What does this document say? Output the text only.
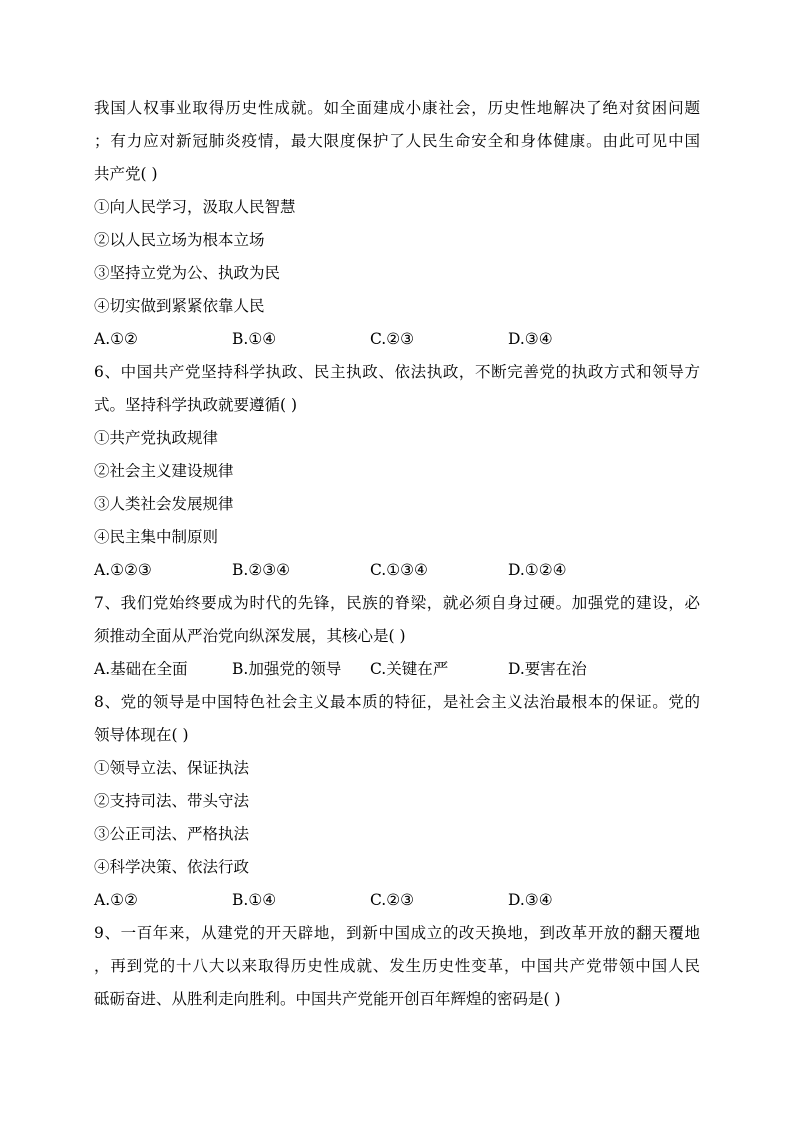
我国人权事业取得历史性成就。如全面建成小康社会，历史性地解决了绝对贫困问题
；有力应对新冠肺炎疫情，最大限度保护了人民生命安全和身体健康。由此可见中国
共产党( )
①向人民学习，汲取人民智慧
②以人民立场为根本立场
③坚持立党为公、执政为民
④切实做到紧紧依靠人民
A.①②	B.①④	C.②③	D.③④
6、中国共产党坚持科学执政、民主执政、依法执政，不断完善党的执政方式和领导方
式。坚持科学执政就要遵循( )
①共产党执政规律
②社会主义建设规律
③人类社会发展规律
④民主集中制原则
A.①②③	B.②③④	C.①③④	D.①②④
7、我们党始终要成为时代的先锋，民族的脊梁，就必须自身过硬。加强党的建设，必
须推动全面从严治党向纵深发展，其核心是( )
A.基础在全面	B.加强党的领导	C.关键在严	D.要害在治
8、党的领导是中国特色社会主义最本质的特征，是社会主义法治最根本的保证。党的
领导体现在( )
①领导立法、保证执法
②支持司法、带头守法
③公正司法、严格执法
④科学决策、依法行政
A.①②	B.①④	C.②③	D.③④
9、一百年来，从建党的开天辟地，到新中国成立的改天换地，到改革开放的翻天覆地
，再到党的十八大以来取得历史性成就、发生历史性变革，中国共产党带领中国人民
砥砺奋进、从胜利走向胜利。中国共产党能开创百年辉煌的密码是( )
